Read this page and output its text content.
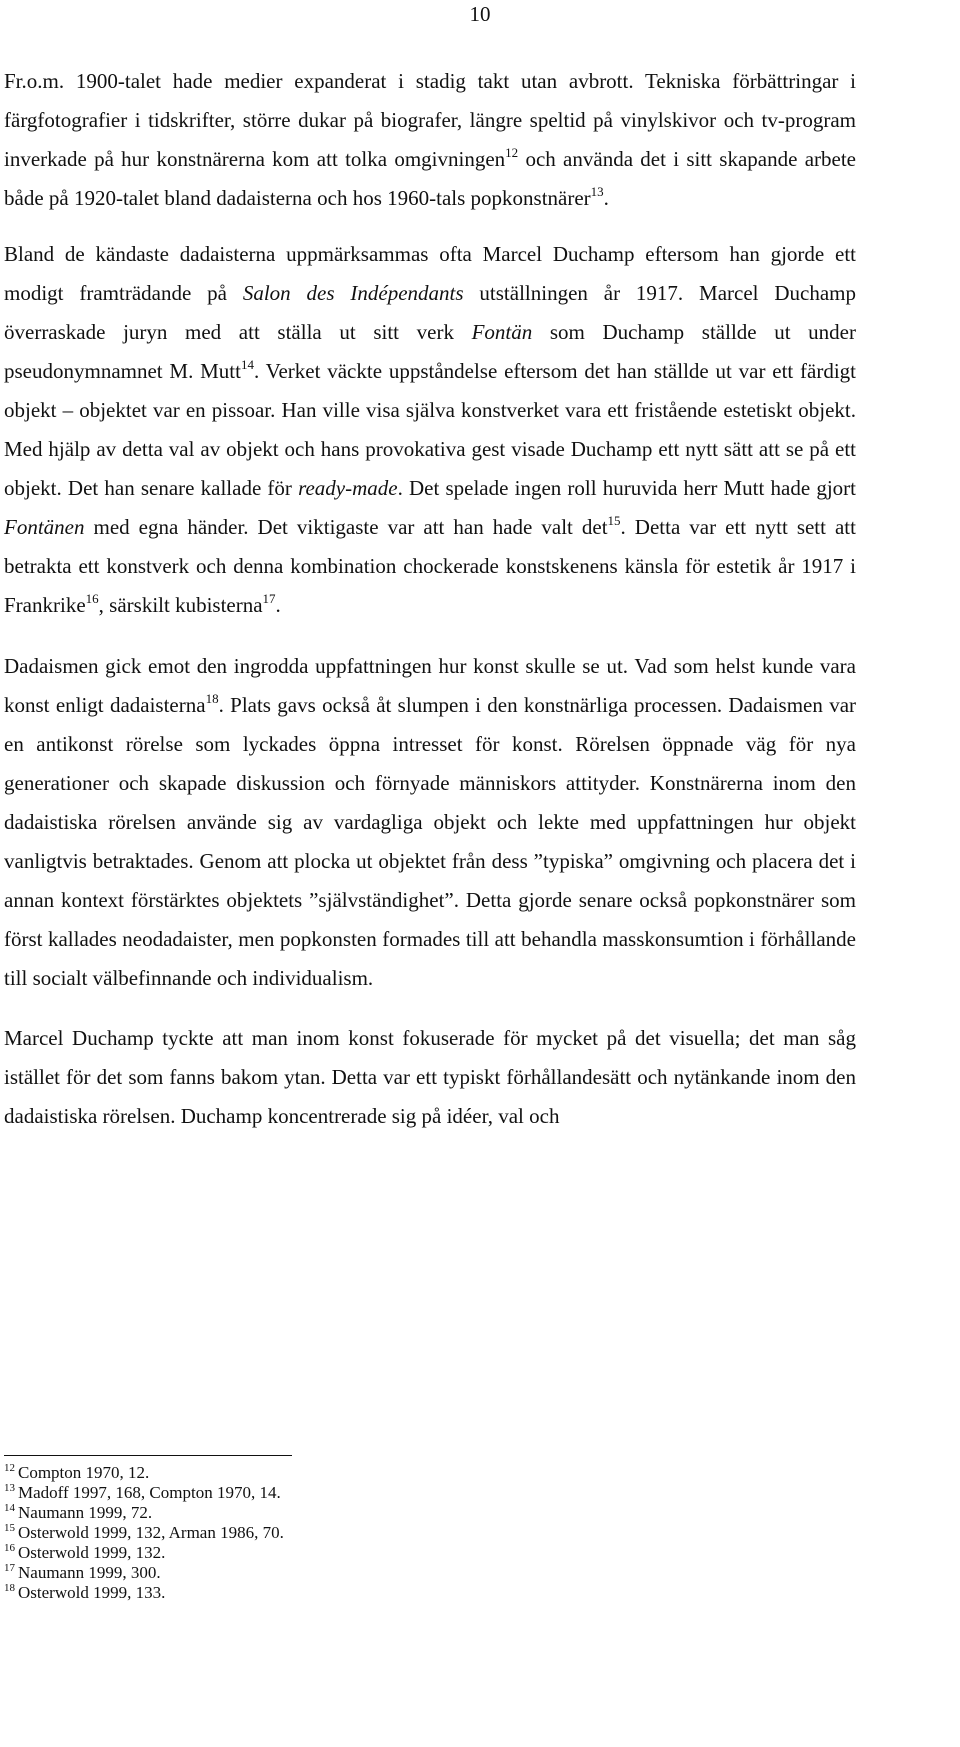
10

Fr.o.m. 1900-talet hade medier expanderat i stadig takt utan avbrott. Tekniska förbättringar i färgfotografier i tidskrifter, större dukar på biografer, längre speltid på vinylskivor och tv-program inverkade på hur konstnärerna kom att tolka omgivningen$^{12}$ och använda det i sitt skapande arbete både på 1920-talet bland dadaisterna och hos 1960-tals popkonstnärer$^{13}$.

Bland de kändaste dadaisterna uppmärksammas ofta Marcel Duchamp eftersom han gjorde ett modigt framträdande på Salon des Indépendants utställningen år 1917. Marcel Duchamp överraskade juryn med att ställa ut sitt verk Fontän som Duchamp ställde ut under pseudonymnamnet M. Mutt$^{14}$. Verket väckte uppståndelse eftersom det han ställde ut var ett färdigt objekt – objektet var en pissoar. Han ville visa själva konstverket vara ett fristående estetiskt objekt. Med hjälp av detta val av objekt och hans provokativa gest visade Duchamp ett nytt sätt att se på ett objekt. Det han senare kallade för ready-made. Det spelade ingen roll huruvida herr Mutt hade gjort Fontänen med egna händer. Det viktigaste var att han hade valt $\det^{15}$. Detta var ett nytt sett att betrakta ett konstverk och denna kombination chockerade konstskenens känsla för estetik år 1917 i Frankrike$^{16}$, särskilt kubisterna$^{17}$.

Dadaismen gick emot den ingrodda uppfattningen hur konst skulle se ut. Vad som helst kunde vara konst enligt dadaisterna$^{18}$. Plats gavs också åt slumpen i den konstnärliga processen. Dadaismen var en antikonst rörelse som lyckades öppna intresset för konst. Rörelsen öppnade väg för nya generationer och skapade diskussion och förnyade människors attityder. Konstnärerna inom den dadaistiska rörelsen använde sig av vardagliga objekt och lekte med uppfattningen hur objekt vanligtvis betraktades. Genom att plocka ut objektet från dess ”typiska” omgivning och placera det i annan kontext förstärktes objektets ”självständighet”. Detta gjorde senare också popkonstnärer som först kallades neodadaister, men popkonsten formades till att behandla masskonsumtion i förhållande till socialt välbefinnande och individualism.

Marcel Duchamp tyckte att man inom konst fokuserade för mycket på det visuella; det man såg istället för det som fanns bakom ytan. Detta var ett typiskt förhållandesätt och nytänkande inom den dadaistiska rörelsen. Duchamp koncentrerade sig på idéer, val och

$^{12}$ Compton 1970, 12.

$^{13}$ Madoff 1997, 168, Compton 1970, 14.

$^{14}$ Naumann 1999, 72.

$^{15}$ Osterwold 1999, 132, Arman 1986, 70.

$^{16}$ Osterwold 1999, 132.

$^{17}$ Naumann 1999, 300.

$^{18}$ Osterwold 1999, 133.
